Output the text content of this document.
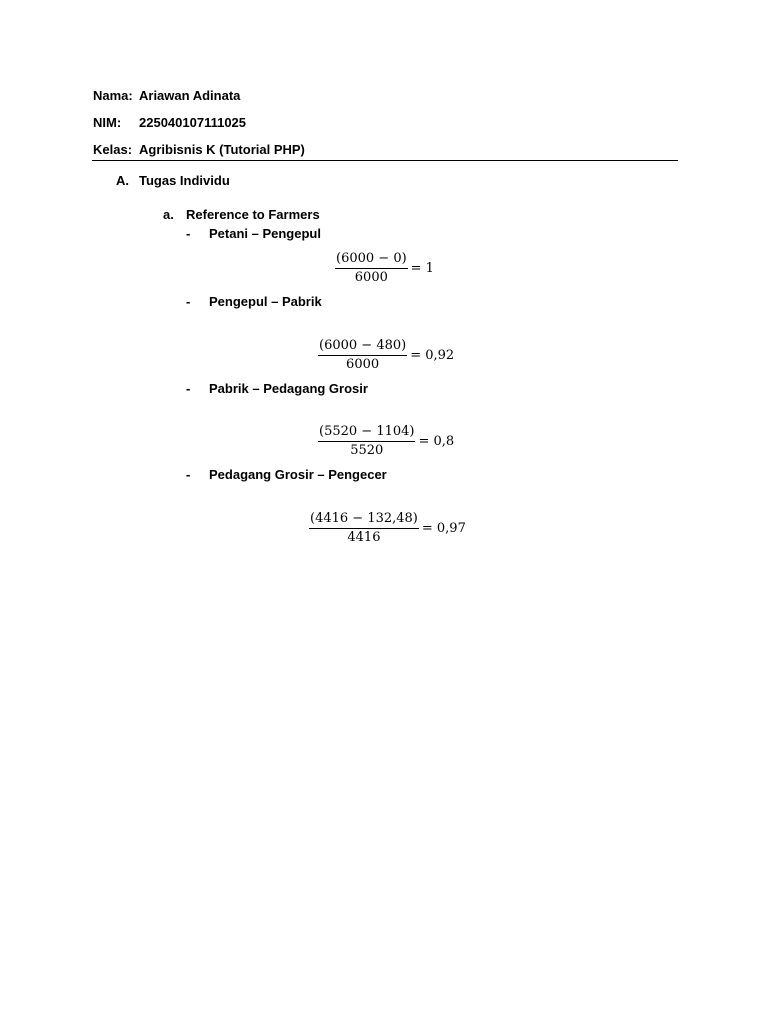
Nama: Ariawan Adinata
NIM: 225040107111025
Kelas: Agribisnis K (Tutorial PHP)
A. Tugas Individu
a. Reference to Farmers
- Petani – Pengepul
$\frac{(6000 - 0)}{6000} = 1$
- Pengepul – Pabrik
$\frac{(6000 - 480)}{6000} = 0,92$
- Pabrik – Pedagang Grosir
$\frac{(5520 - 1104)}{5520} = 0,8$
- Pedagang Grosir – Pengecer
$\frac{(4416 - 132,48)}{4416} = 0,97$
